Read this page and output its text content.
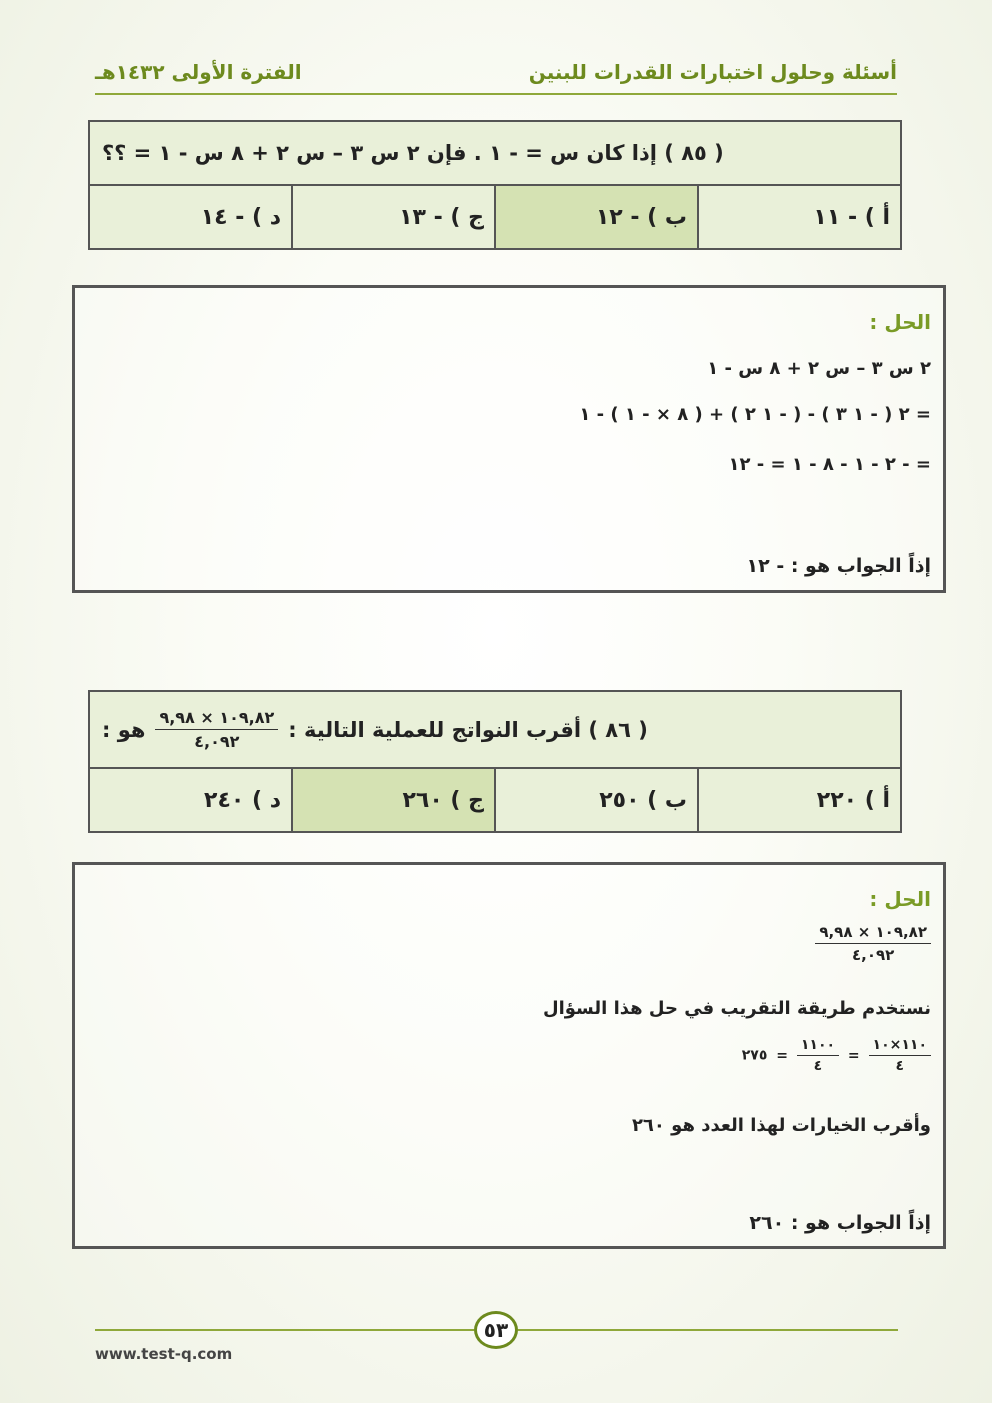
أسئلة وحلول اختبارات القدرات للبنين
الفترة الأولى ١٤٣٢هـ
( ٨٥ ) إذا كان س = - ١ . فإن ٢ س ٣ – س ٢ + ٨ س - ١ = ؟؟
أ ) - ١١
ب ) - ١٢
ج ) - ١٣
د ) - ١٤
الحل :
٢ س ٣ – س ٢ + ٨ س - ١
= ٢ ( - ١ ٣ ) - ( - ١ ٢ ) + ( ٨ × - ١ ) - ١
= - ٢ - ١ - ٨ - ١ = - ١٢
إذاً الجواب هو : - ١٢
( ٨٦ ) أقرب النواتج للعملية التالية :
$\frac{١٠٩,٨٢ \times ٩,٩٨}{٤,٠٩٢}$
هو :
أ ) ٢٢٠
ب ) ٢٥٠
ج ) ٢٦٠
د ) ٢٤٠
الحل :
$\frac{١٠٩,٨٢ \times ٩,٩٨}{٤,٠٩٢}$
نستخدم طريقة التقريب في حل هذا السؤال
$\frac{١١٠\times ١٠}{٤}$
=
$\frac{١١٠٠}{٤}$
= ٢٧٥
وأقرب الخيارات لهذا العدد هو ٢٦٠
إذاً الجواب هو : ٢٦٠
٥٣
www.test-q.com
